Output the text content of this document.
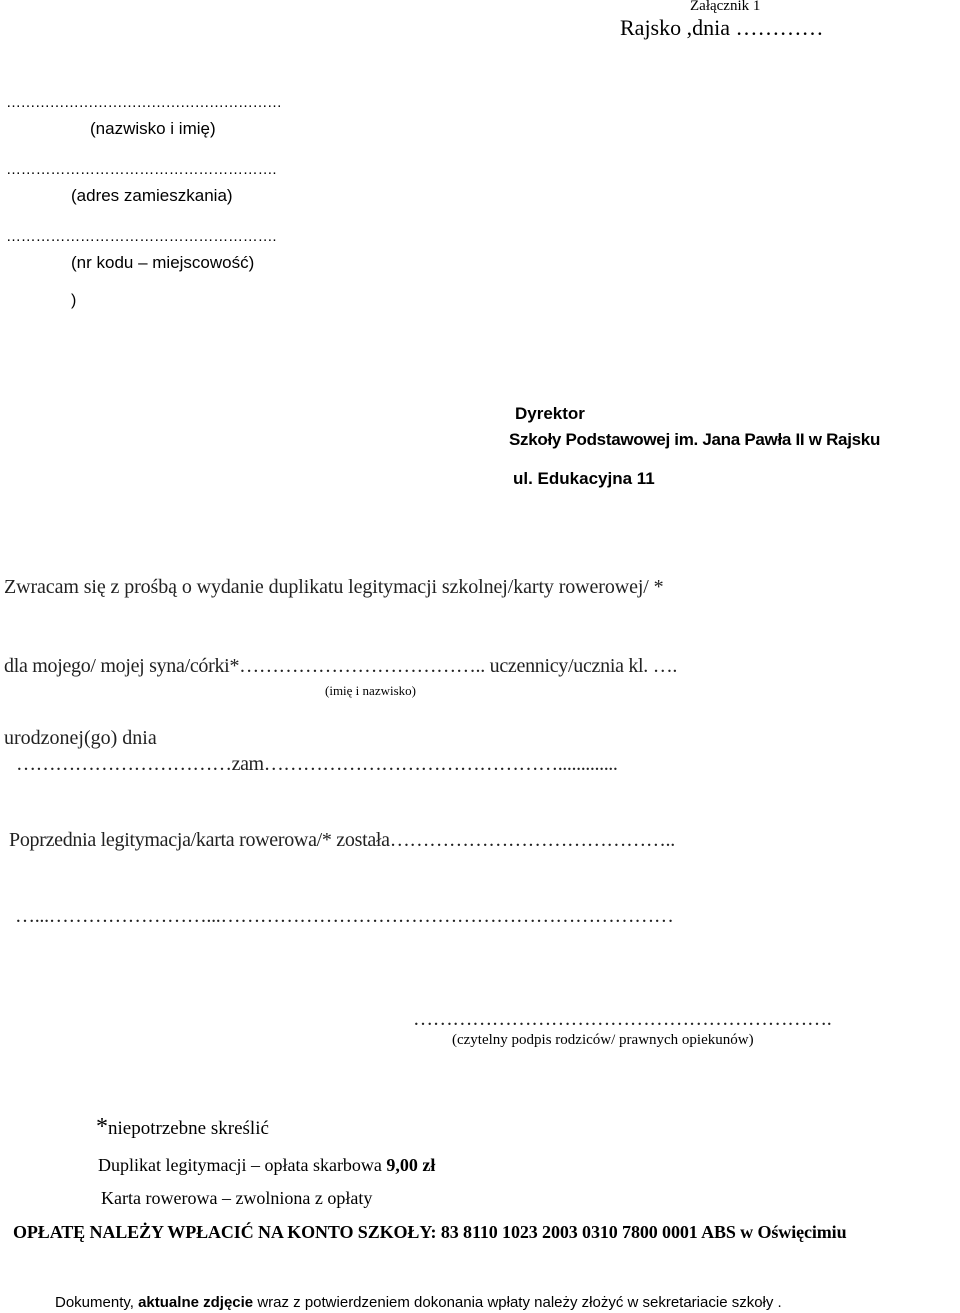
Załącznik 1
Rajsko ,dnia …………
…………………………………………………
(nazwisko i imię)
……………………………………………….
(adres zamieszkania)
……………………………………………….
(nr kodu – miejscowość)
)
Dyrektor
Szkoły Podstawowej im. Jana Pawła II w Rajsku
ul. Edukacyjna 11
Zwracam się z prośbą o wydanie duplikatu legitymacji szkolnej/karty rowerowej/ *
dla mojego/ mojej syna/córki*……………………………….. uczennicy/ucznia kl. ….
(imię i nazwisko)
urodzonej(go) dnia
……………………………zam……………………………………….............
Poprzednia legitymacja/karta rowerowa/* została……………………………………..
…...……………………...……………………………………………………………
……………………………………………………….
(czytelny podpis rodziców/ prawnych opiekunów)
*niepotrzebne skreślić
Duplikat legitymacji – opłata skarbowa 9,00 zł
Karta rowerowa – zwolniona z opłaty
OPŁATĘ NALEŻY WPŁACIĆ NA KONTO SZKOŁY: 83 8110 1023 2003 0310 7800 0001 ABS w Oświęcimiu
Dokumenty, aktualne zdjęcie wraz z potwierdzeniem dokonania wpłaty należy złożyć w sekretariacie szkoły .
